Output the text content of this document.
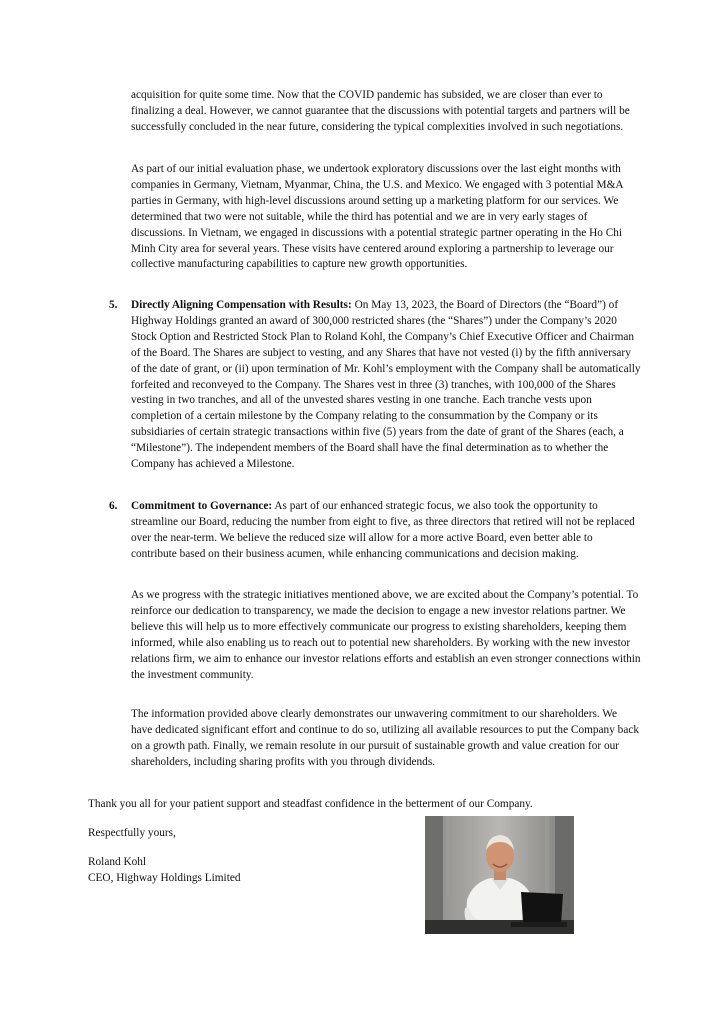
acquisition for quite some time. Now that the COVID pandemic has subsided, we are closer than ever to finalizing a deal. However, we cannot guarantee that the discussions with potential targets and partners will be successfully concluded in the near future, considering the typical complexities involved in such negotiations.

As part of our initial evaluation phase, we undertook exploratory discussions over the last eight months with companies in Germany, Vietnam, Myanmar, China, the U.S. and Mexico. We engaged with 3 potential M&A parties in Germany, with high-level discussions around setting up a marketing platform for our services. We determined that two were not suitable, while the third has potential and we are in very early stages of discussions. In Vietnam, we engaged in discussions with a potential strategic partner operating in the Ho Chi Minh City area for several years. These visits have centered around exploring a partnership to leverage our collective manufacturing capabilities to capture new growth opportunities.

5. Directly Aligning Compensation with Results: On May 13, 2023, the Board of Directors (the “Board”) of Highway Holdings granted an award of 300,000 restricted shares (the “Shares”) under the Company’s 2020 Stock Option and Restricted Stock Plan to Roland Kohl, the Company’s Chief Executive Officer and Chairman of the Board. The Shares are subject to vesting, and any Shares that have not vested (i) by the fifth anniversary of the date of grant, or (ii) upon termination of Mr. Kohl’s employment with the Company shall be automatically forfeited and reconveyed to the Company. The Shares vest in three (3) tranches, with 100,000 of the Shares vesting in two tranches, and all of the unvested shares vesting in one tranche. Each tranche vests upon completion of a certain milestone by the Company relating to the consummation by the Company or its subsidiaries of certain strategic transactions within five (5) years from the date of grant of the Shares (each, a “Milestone”). The independent members of the Board shall have the final determination as to whether the Company has achieved a Milestone.

6. Commitment to Governance: As part of our enhanced strategic focus, we also took the opportunity to streamline our Board, reducing the number from eight to five, as three directors that retired will not be replaced over the near-term. We believe the reduced size will allow for a more active Board, even better able to contribute based on their business acumen, while enhancing communications and decision making.

As we progress with the strategic initiatives mentioned above, we are excited about the Company’s potential. To reinforce our dedication to transparency, we made the decision to engage a new investor relations partner. We believe this will help us to more effectively communicate our progress to existing shareholders, keeping them informed, while also enabling us to reach out to potential new shareholders. By working with the new investor relations firm, we aim to enhance our investor relations efforts and establish an even stronger connections within the investment community.

The information provided above clearly demonstrates our unwavering commitment to our shareholders. We have dedicated significant effort and continue to do so, utilizing all available resources to put the Company back on a growth path. Finally, we remain resolute in our pursuit of sustainable growth and value creation for our shareholders, including sharing profits with you through dividends.

Thank you all for your patient support and steadfast confidence in the betterment of our Company.

Respectfully yours,

Roland Kohl

CEO, Highway Holdings Limited
